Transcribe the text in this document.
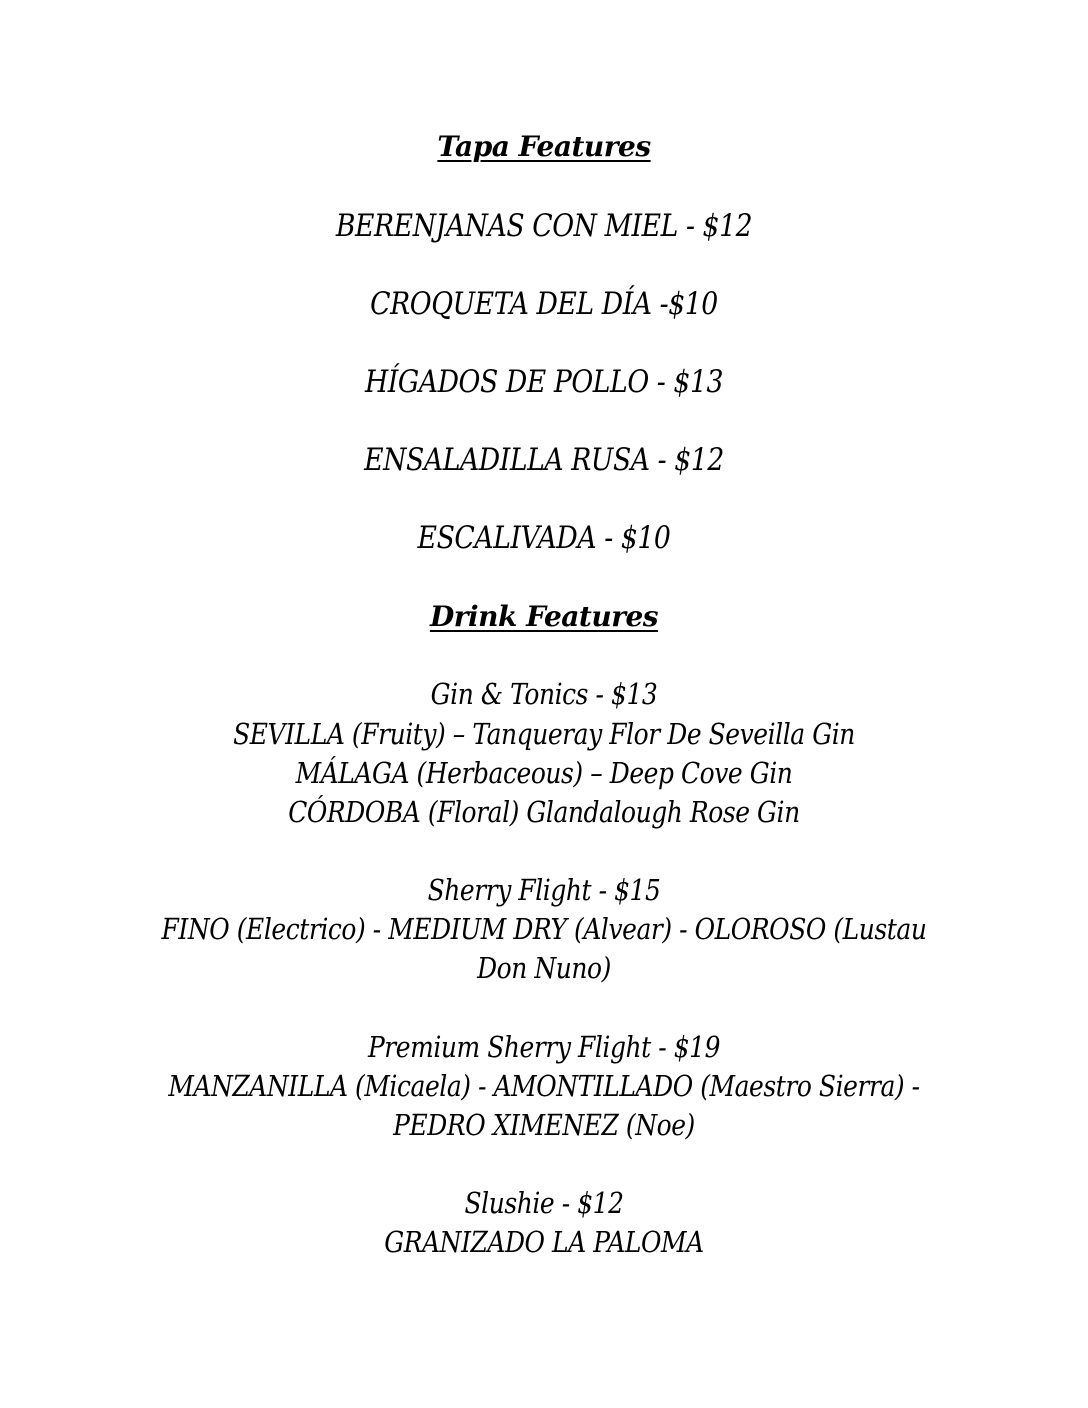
Tapa Features
BERENJANAS CON MIEL - $12
CROQUETA DEL DÍA -$10
HÍGADOS DE POLLO - $13
ENSALADILLA RUSA - $12
ESCALIVADA - $10
Drink Features
Gin & Tonics - $13
SEVILLA (Fruity) – Tanqueray Flor De Seveilla Gin
MÁLAGA (Herbaceous) – Deep Cove Gin
CÓRDOBA (Floral) Glandalough Rose Gin
Sherry Flight - $15
FINO (Electrico) - MEDIUM DRY (Alvear) - OLOROSO (Lustau
Don Nuno)
Premium Sherry Flight - $19
MANZANILLA (Micaela) - AMONTILLADO (Maestro Sierra) -
PEDRO XIMENEZ (Noe)
Slushie - $12
GRANIZADO LA PALOMA
